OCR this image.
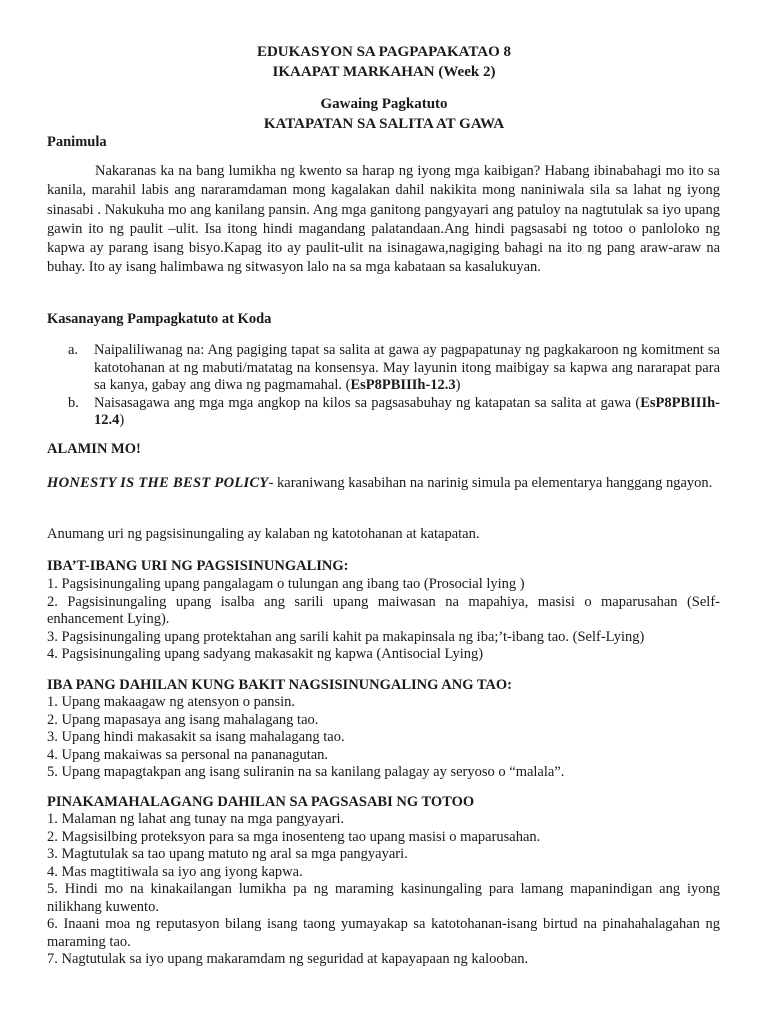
EDUKASYON SA PAGPAPAKATAO 8
IKAAPAT MARKAHAN (Week 2)
Gawaing Pagkatuto
KATAPATAN SA SALITA AT GAWA
Panimula
Nakaranas ka na bang lumikha ng kwento sa harap ng iyong mga kaibigan? Habang ibinabahagi mo ito sa kanila, marahil labis ang nararamdaman mong kagalakan dahil nakikita mong naniniwala sila sa lahat ng iyong sinasabi . Nakukuha mo ang kanilang pansin. Ang mga ganitong pangyayari ang patuloy na nagtutulak sa iyo upang gawin ito ng paulit –ulit. Isa itong hindi magandang palatandaan.Ang hindi pagsasabi ng totoo o panloloko ng kapwa ay parang isang bisyo.Kapag ito ay paulit-ulit na isinagawa,nagiging bahagi na ito ng pang araw-araw na buhay. Ito ay isang halimbawa ng sitwasyon lalo na sa mga kabataan sa kasalukuyan.
Kasanayang Pampagkatuto at Koda
a. Naipaliliwanag na: Ang pagiging tapat sa salita at gawa ay pagpapatunay ng pagkakaroon ng komitment sa katotohanan at ng mabuti/matatag na konsensya. May layunin itong maibigay sa kapwa ang nararapat para sa kanya, gabay ang diwa ng pagmamahal. (EsP8PBIIIh-12.3)
b. Naisasagawa ang mga mga angkop na kilos sa pagsasabuhay ng katapatan sa salita at gawa (EsP8PBIIIh-12.4)
ALAMIN MO!
HONESTY IS THE BEST POLICY- karaniwang kasabihan na narinig simula pa elementarya hanggang ngayon.
Anumang uri ng pagsisinungaling ay kalaban ng katotohanan at katapatan.
IBA’T-IBANG URI NG PAGSISINUNGALING:
1. Pagsisinungaling upang pangalagam o tulungan ang ibang tao (Prosocial lying )
2. Pagsisinungaling upang isalba ang sarili upang maiwasan na mapahiya, masisi o maparusahan (Self-enhancement Lying).
3. Pagsisinungaling upang protektahan ang sarili kahit pa makapinsala ng iba;’t-ibang tao. (Self-Lying)
4. Pagsisinungaling upang sadyang makasakit ng kapwa (Antisocial Lying)
IBA PANG DAHILAN KUNG BAKIT NAGSISINUNGALING ANG TAO:
1. Upang makaagaw ng atensyon o pansin.
2. Upang mapasaya ang isang mahalagang tao.
3. Upang hindi makasakit sa isang mahalagang tao.
4. Upang makaiwas sa personal na pananagutan.
5. Upang mapagtakpan ang isang suliranin na sa kanilang palagay ay seryoso o “malala”.
PINAKAMAHALAGANG DAHILAN SA PAGSASABI NG TOTOO
1. Malaman ng lahat ang tunay na mga pangyayari.
2. Magsisilbing proteksyon para sa mga inosenteng tao upang masisi o maparusahan.
3. Magtutulak sa tao upang matuto ng aral sa mga pangyayari.
4. Mas magtitiwala sa iyo ang iyong kapwa.
5. Hindi mo na kinakailangan lumikha pa ng maraming kasinungaling para lamang mapanindigan ang iyong nilikhang kuwento.
6. Inaani moa ng reputasyon bilang isang taong yumayakap sa katotohanan-isang birtud na pinahahalagahan ng maraming tao.
7. Nagtutulak sa iyo upang makaramdam ng seguridad at kapayapaan ng kalooban.
